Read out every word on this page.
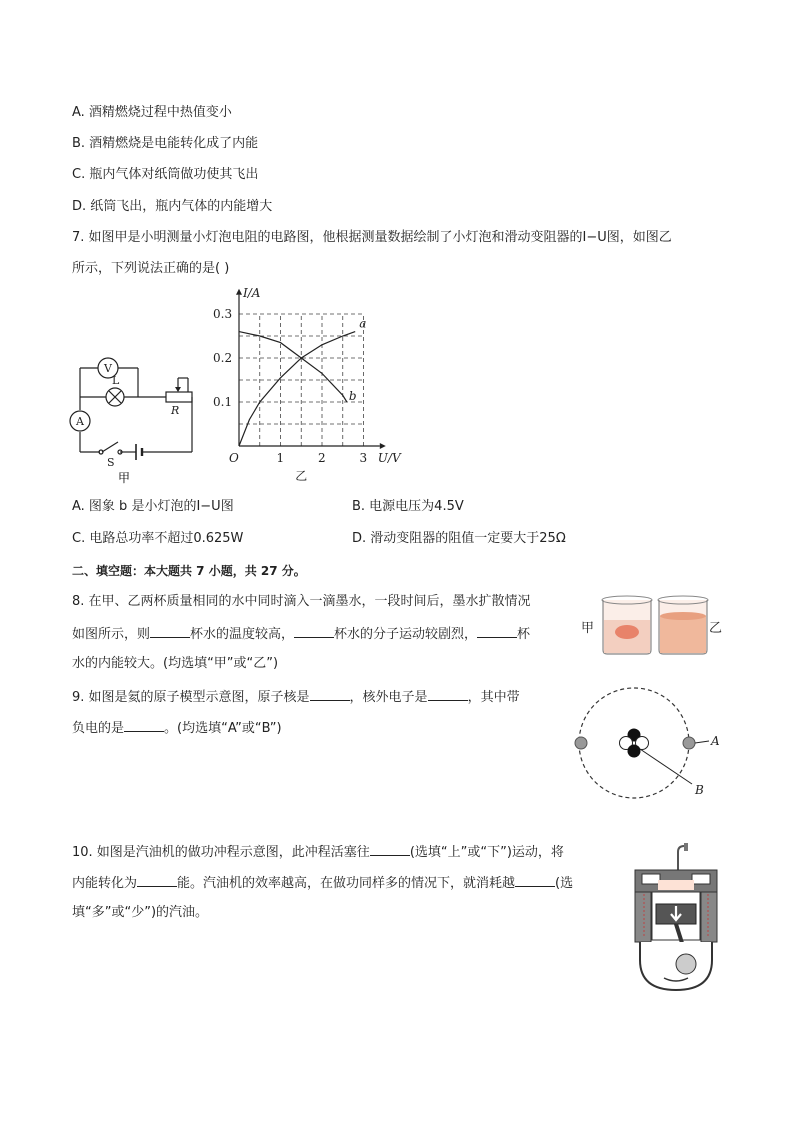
A. 酒精燃烧过程中热值变小
B. 酒精燃烧是电能转化成了内能
C. 瓶内气体对纸筒做功使其飞出
D. 纸筒飞出，瓶内气体的内能增大
7. 如图甲是小明测量小灯泡电阻的电路图，他根据测量数据绘制了小灯泡和滑动变阻器的I−U图，如图乙
所示，下列说法正确的是( )
V
L
A
R
S
甲
1	2	3
0.1
0.2
0.3
O	U/V
I/A
乙
a
b
A. 图象 b 是小灯泡的I−U图	B. 电源电压为4.5V
C. 电路总功率不超过0.625W	D. 滑动变阻器的阻值一定要大于25Ω
二、填空题：本大题共 7 小题，共 27 分。
8. 在甲、乙两杯质量相同的水中同时滴入一滴墨水，一段时间后，墨水扩散情况
如图所示，则	杯水的温度较高，	杯水的分子运动较剧烈，	杯
水的内能较大。(均选填“甲”或“乙”)
甲	乙
9. 如图是氦的原子模型示意图，原子核是	，核外电子是	，其中带
负电的是	。(均选填“A”或“B”)
A
B
10. 如图是汽油机的做功冲程示意图，此冲程活塞往	(选填“上”或“下”)运动，将
内能转化为	能。汽油机的效率越高，在做功同样多的情况下，就消耗越	(选
填“多”或“少”)的汽油。
